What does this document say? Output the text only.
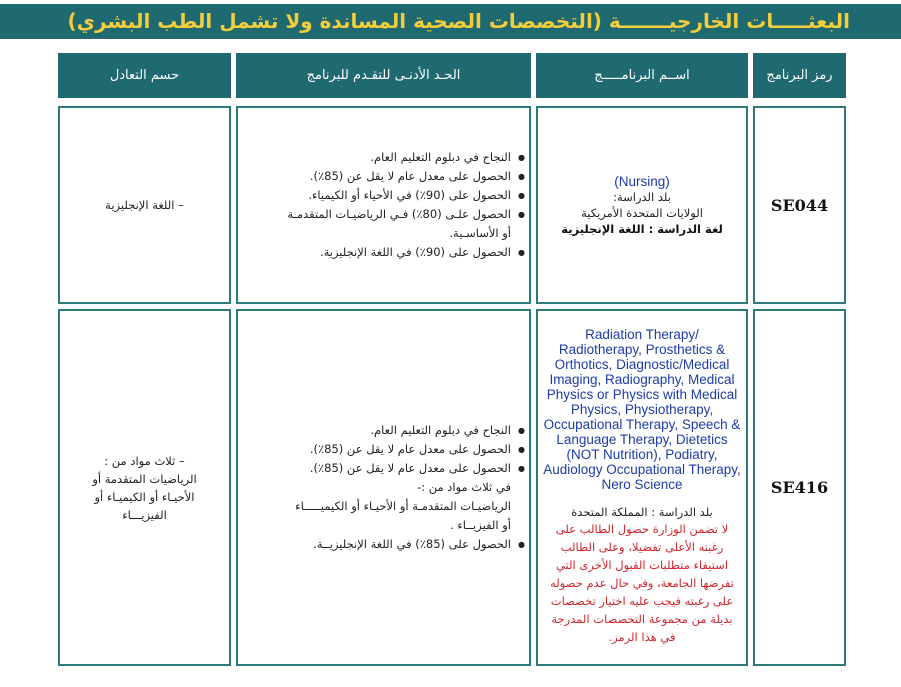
البعثـــــات الخارجيـــــــة (التخصصات الصحية المساندة ولا تشمل الطب البشري)
رمز البرنامج
اســم البرنامـــــج
الحـد الأدنـى للتقـدم للبرنامج
حسم التعادل
SE044
(Nursing)
بلد الدراسة:
الولايات المتحدة الأمريكية
لغة الدراسة : اللغة الإنجليزية
● النجاح في دبلوم التعليم العام.
● الحصول على معدل عام لا يقل عن (85٪).
● الحصول على (90٪) في الأحياء أو الكيمياء.
● الحصول علـى (80٪) فـي الرياضيـات المتقدمـة
أو الأساسـية.
● الحصول على (90٪) في اللغة الإنجليزية.
– اللغة الإنجليزية
SE416
Radiation Therapy/ Radiotherapy, Prosthetics & Orthotics, Diagnostic/Medical Imaging, Radiography, Medical Physics or Physics with Medical Physics, Physiotherapy, Occupational Therapy, Speech & Language Therapy, Dietetics (NOT Nutrition), Podiatry, Audiology Occupational Therapy, Nero Science
بلد الدراسة : المملكة المتحدة
لا تضمن الوزارة حصول الطالب على رغبته الأعلى تفضيلا، وعلى الطالب استيفاء متطلبات القبول الأخرى التي تفرضها الجامعة، وفي حال عدم حصوله على رغبته فيجب عليه اختيار تخصصات بديلة من مجموعة التخصصات المدرجة في هذا الرمز.
● النجاح في دبلوم التعليم العام.
● الحصول على معدل عام لا يقل عن (85٪).
● الحصول على معدل عام لا يقل عن (85٪).
في ثلاث مواد من :-
الرياضيـات المتقدمـة أو الأحيـاء أو الكيميـــــاء
أو الفيزيــاء .
● الحصول على (85٪) في اللغة الإنجليزيــة.
– ثلاث مواد من :
الرياضيات المتقدمة أو
الأحيـاء أو الكيميـاء أو
الفيزيـــاء
